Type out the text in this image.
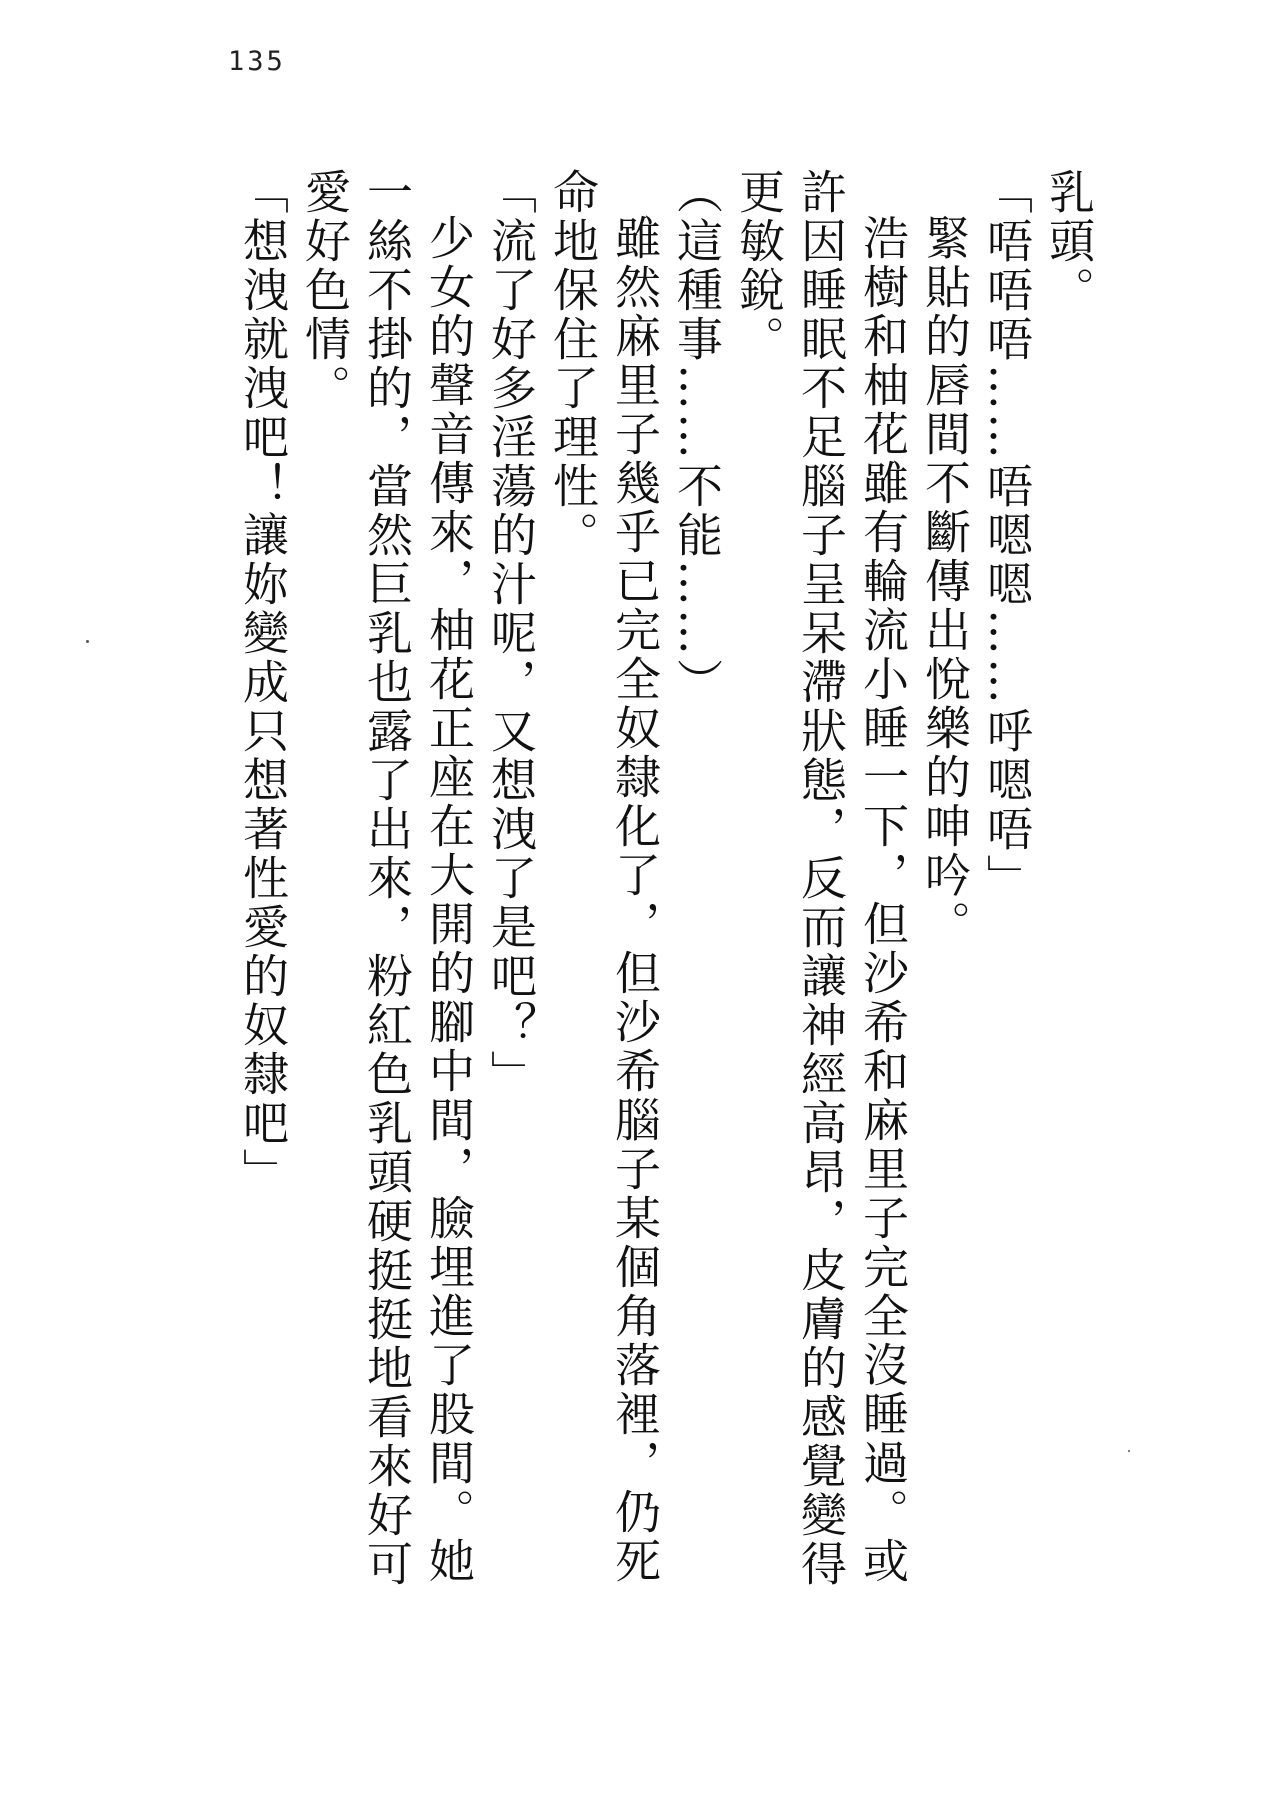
135
乳頭。
「唔唔唔……唔嗯嗯……呼嗯唔」
緊貼的唇間不斷傳出悅樂的呻吟。
浩樹和柚花雖有輪流小睡一下，但沙希和麻里子完全沒睡過。或
許因睡眠不足腦子呈呆滯狀態，反而讓神經高昂，皮膚的感覺變得
更敏銳。
（這種事……不能……）
雖然麻里子幾乎已完全奴隸化了，但沙希腦子某個角落裡，仍死
命地保住了理性。
「流了好多淫蕩的汁呢，又想洩了是吧？」
少女的聲音傳來，柚花正座在大開的腳中間，臉埋進了股間。她
一絲不掛的，當然巨乳也露了出來，粉紅色乳頭硬挺挺地看來好可
愛好色情。
「想洩就洩吧！讓妳變成只想著性愛的奴隸吧」
